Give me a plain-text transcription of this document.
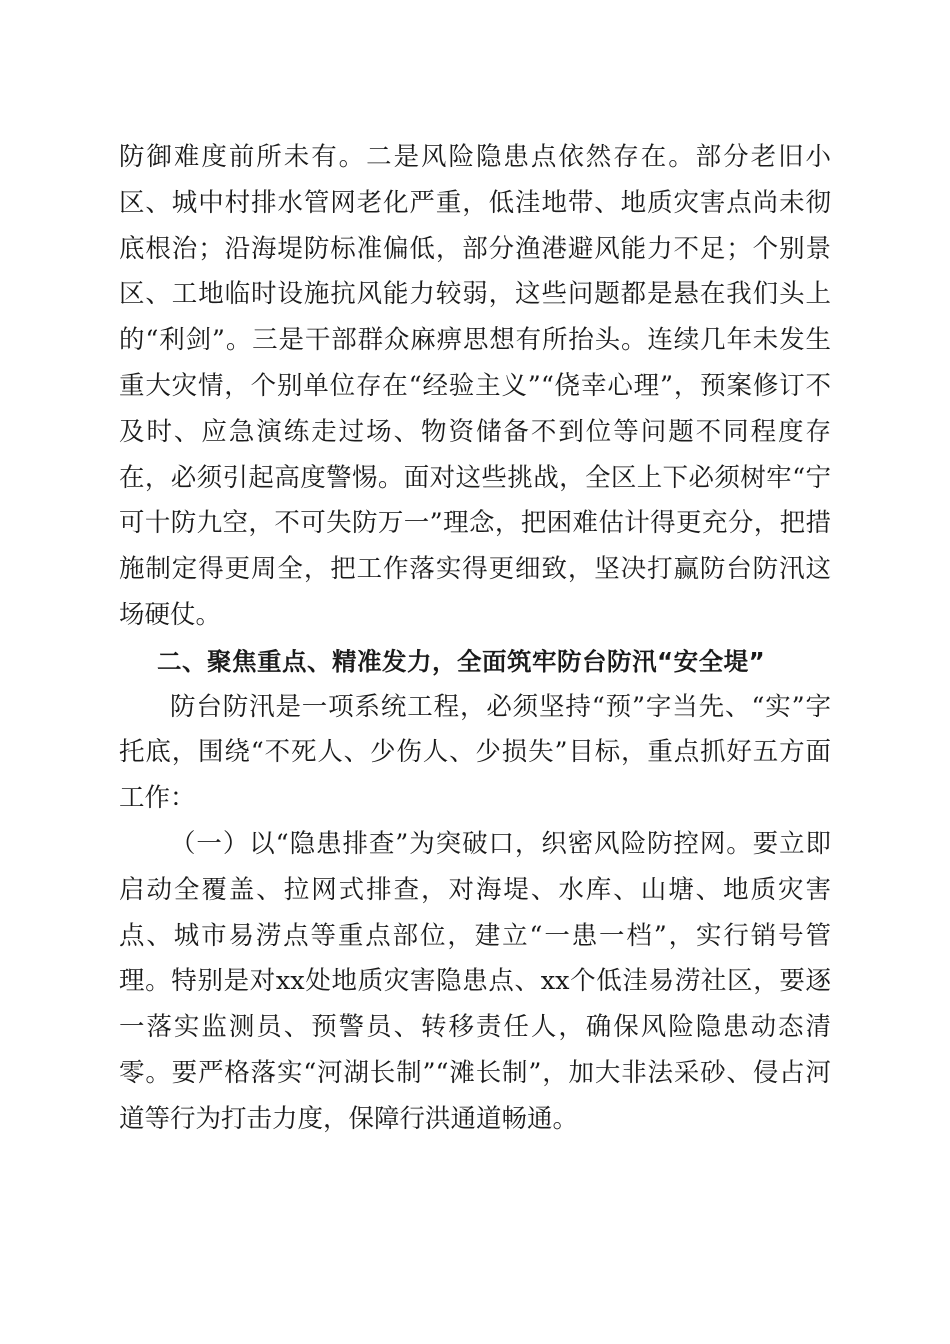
防御难度前所未有。二是风险隐患点依然存在。部分老旧小区、城中村排水管网老化严重，低洼地带、地质灾害点尚未彻底根治；沿海堤防标准偏低，部分渔港避风能力不足；个别景区、工地临时设施抗风能力较弱，这些问题都是悬在我们头上的“利剑”。三是干部群众麻痹思想有所抬头。连续几年未发生重大灾情，个别单位存在“经验主义”“侥幸心理”，预案修订不及时、应急演练走过场、物资储备不到位等问题不同程度存在，必须引起高度警惕。面对这些挑战，全区上下必须树牢“宁可十防九空，不可失防万一”理念，把困难估计得更充分，把措施制定得更周全，把工作落实得更细致，坚决打赢防台防汛这场硬仗。

二、聚焦重点、精准发力，全面筑牢防台防汛“安全堤”

防台防汛是一项系统工程，必须坚持“预”字当先、“实”字托底，围绕“不死人、少伤人、少损失”目标，重点抓好五方面工作：

（一）以“隐患排查”为突破口，织密风险防控网。要立即启动全覆盖、拉网式排查，对海堤、水库、山塘、地质灾害点、城市易涝点等重点部位，建立“一患一档”，实行销号管理。特别是对xx处地质灾害隐患点、xx个低洼易涝社区，要逐一落实监测员、预警员、转移责任人，确保风险隐患动态清零。要严格落实“河湖长制”“滩长制”，加大非法采砂、侵占河道等行为打击力度，保障行洪通道畅通。
